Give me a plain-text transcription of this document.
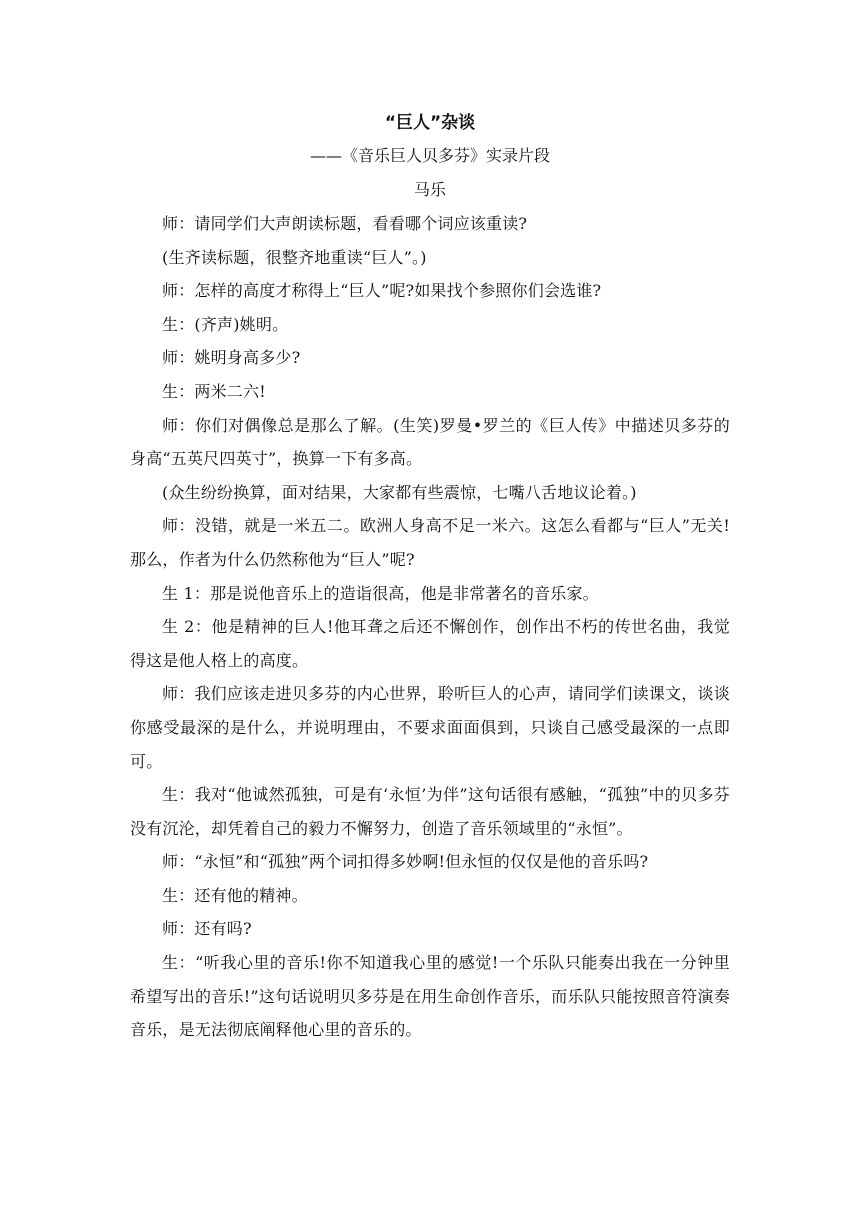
“巨人”杂谈
——《音乐巨人贝多芬》实录片段
马乐

师：请同学们大声朗读标题，看看哪个词应该重读?

(生齐读标题，很整齐地重读“巨人”。)

师：怎样的高度才称得上“巨人”呢?如果找个参照你们会选谁?

生：(齐声)姚明。

师：姚明身高多少?

生：两米二六!

师：你们对偶像总是那么了解。(生笑)罗曼•罗兰的《巨人传》中描述贝多芬的身高“五英尺四英寸”，换算一下有多高。

(众生纷纷换算，面对结果，大家都有些震惊，七嘴八舌地议论着。)

师：没错，就是一米五二。欧洲人身高不足一米六。这怎么看都与“巨人”无关!那么，作者为什么仍然称他为“巨人”呢?

生 1：那是说他音乐上的造诣很高，他是非常著名的音乐家。

生 2：他是精神的巨人!他耳聋之后还不懈创作，创作出不朽的传世名曲，我觉得这是他人格上的高度。

师：我们应该走进贝多芬的内心世界，聆听巨人的心声，请同学们读课文，谈谈你感受最深的是什么，并说明理由，不要求面面俱到，只谈自己感受最深的一点即可。

生：我对“他诚然孤独，可是有‘永恒’为伴”这句话很有感触，“孤独”中的贝多芬没有沉沦，却凭着自己的毅力不懈努力，创造了音乐领域里的“永恒”。

师：“永恒”和“孤独”两个词扣得多妙啊!但永恒的仅仅是他的音乐吗?

生：还有他的精神。

师：还有吗?

生：“听我心里的音乐!你不知道我心里的感觉!一个乐队只能奏出我在一分钟里希望写出的音乐!”这句话说明贝多芬是在用生命创作音乐，而乐队只能按照音符演奏音乐，是无法彻底阐释他心里的音乐的。
